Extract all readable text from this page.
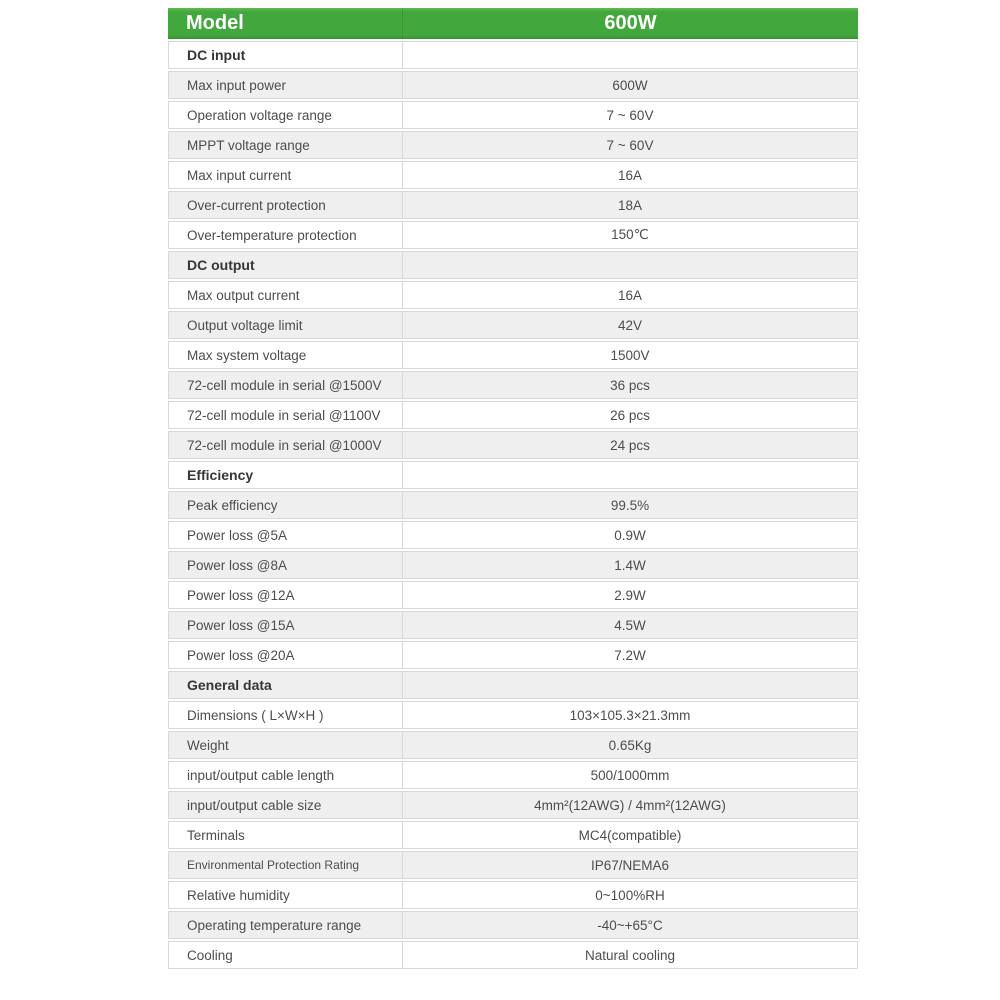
Model	600W
DC input
Max input power	600W
Operation voltage range	7 ~ 60V
MPPT voltage range	7 ~ 60V
Max input current	16A
Over-current protection	18A
Over-temperature protection	150℃
DC output
Max output current	16A
Output voltage limit	42V
Max system voltage	1500V
72-cell module in serial @1500V	36 pcs
72-cell module in serial @1100V	26 pcs
72-cell module in serial @1000V	24 pcs
Efficiency
Peak efficiency	99.5%
Power loss @5A	0.9W
Power loss @8A	1.4W
Power loss @12A	2.9W
Power loss @15A	4.5W
Power loss @20A	7.2W
General data
Dimensions ( L×W×H )	103×105.3×21.3mm
Weight	0.65Kg
input/output cable length	500/1000mm
input/output cable size	4mm²(12AWG) / 4mm²(12AWG)
Terminals	MC4(compatible)
Environmental Protection Rating	IP67/NEMA6
Relative humidity	0~100%RH
Operating temperature range	-40~+65°C
Cooling	Natural cooling
